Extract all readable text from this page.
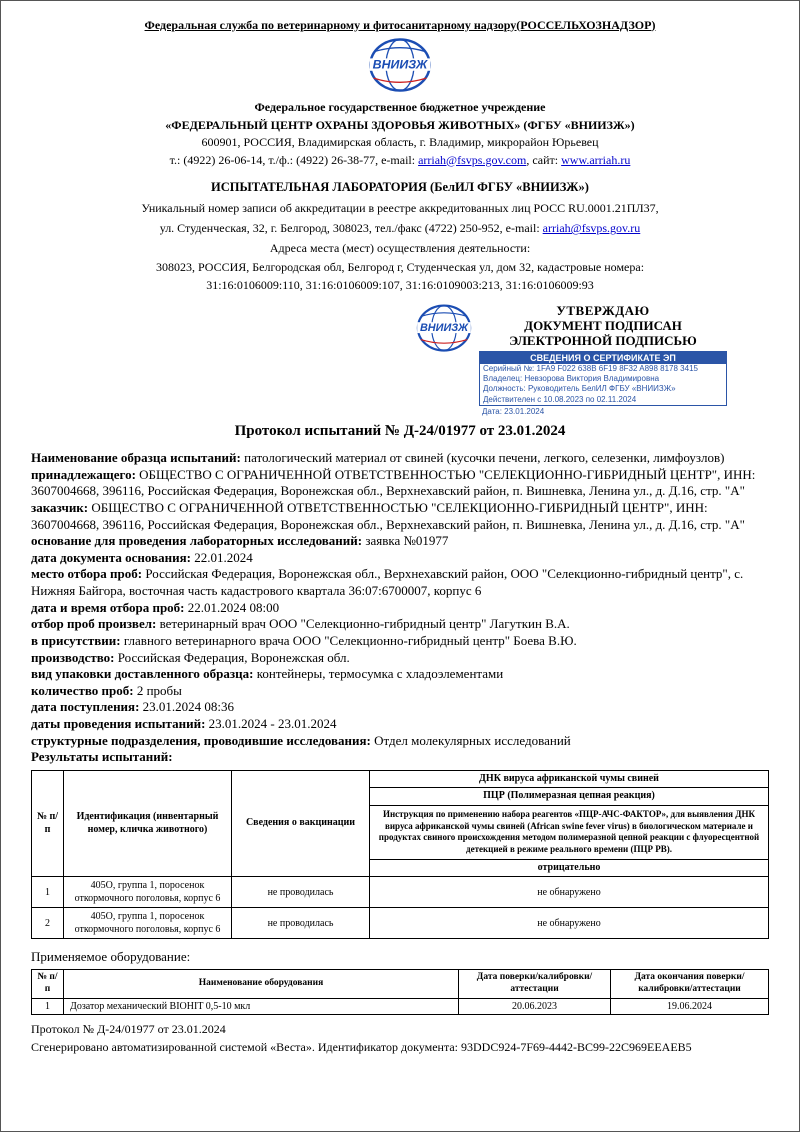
Федеральная служба по ветеринарному и фитосанитарному надзору(РОССЕЛЬХОЗНАДЗОР)
ВНИИЗЖ
Федеральное государственное бюджетное учреждение
«ФЕДЕРАЛЬНЫЙ ЦЕНТР ОХРАНЫ ЗДОРОВЬЯ ЖИВОТНЫХ» (ФГБУ «ВНИИЗЖ»)
600901, РОССИЯ, Владимирская область, г. Владимир, микрорайон Юрьевец
т.: (4922) 26-06-14, т./ф.: (4922) 26-38-77, e-mail: arriah@fsvps.gov.com, сайт: www.arriah.ru
ИСПЫТАТЕЛЬНАЯ ЛАБОРАТОРИЯ (БелИЛ ФГБУ «ВНИИЗЖ»)
Уникальный номер записи об аккредитации в реестре аккредитованных лиц РОСС RU.0001.21ПЛ37,
ул. Студенческая, 32, г. Белгород, 308023, тел./факс (4722) 250-952, e-mail: arriah@fsvps.gov.ru
Адреса места (мест) осуществления деятельности:
308023, РОССИЯ, Белгородская обл, Белгород г, Студенческая ул, дом 32, кадастровые номера:
31:16:0106009:110, 31:16:0106009:107, 31:16:0109003:213, 31:16:0106009:93
ВНИИЗЖ
УТВЕРЖДАЮ
ДОКУМЕНТ ПОДПИСАН
ЭЛЕКТРОННОЙ ПОДПИСЬЮ
СВЕДЕНИЯ О СЕРТИФИКАТЕ ЭП
Серийный №: 1FA9 F022 638B 6F19 8F32 A898 8178 3415
Владелец: Невзорова Виктория Владимировна
Должность: Руководитель БелИЛ ФГБУ «ВНИИЗЖ»
Действителен с 10.08.2023 по 02.11.2024
Дата: 23.01.2024
Протокол испытаний № Д-24/01977 от 23.01.2024

Наименование образца испытаний: патологический материал от свиней (кусочки печени, легкого, селезенки, лимфоузлов)

принадлежащего: ОБЩЕСТВО С ОГРАНИЧЕННОЙ ОТВЕТСТВЕННОСТЬЮ "СЕЛЕКЦИОННО-ГИБРИДНЫЙ ЦЕНТР", ИНН: 3607004668, 396116, Российская Федерация, Воронежская обл., Верхнехавский район, п. Вишневка, Ленина ул., д. Д.16, стр. "А"

заказчик: ОБЩЕСТВО С ОГРАНИЧЕННОЙ ОТВЕТСТВЕННОСТЬЮ "СЕЛЕКЦИОННО-ГИБРИДНЫЙ ЦЕНТР", ИНН: 3607004668, 396116, Российская Федерация, Воронежская обл., Верхнехавский район, п. Вишневка, Ленина ул., д. Д.16, стр. "А"

основание для проведения лабораторных исследований: заявка №01977

дата документа основания: 22.01.2024

место отбора проб: Российская Федерация, Воронежская обл., Верхнехавский район, ООО "Селекционно-гибридный центр", с. Нижняя Байгора, восточная часть кадастрового квартала 36:07:6700007, корпус 6

дата и время отбора проб: 22.01.2024 08:00

отбор проб произвел: ветеринарный врач ООО "Селекционно-гибридный центр" Лагуткин В.А.

в присутствии: главного ветеринарного врача ООО "Селекционно-гибридный центр" Боева В.Ю.

производство: Российская Федерация, Воронежская обл.

вид упаковки доставленного образца: контейнеры, термосумка с хладоэлементами

количество проб: 2 пробы

дата поступления: 23.01.2024 08:36

даты проведения испытаний: 23.01.2024 - 23.01.2024

структурные подразделения, проводившие исследования: Отдел молекулярных исследований

Результаты испытаний:

№ п/п	Идентификация (инвентарный номер, кличка животного)	Сведения о вакцинации	ДНК вируса африканской чумы свиней
			ПЦР (Полимеразная цепная реакция)
			Инструкция по применению набора реагентов «ПЦР-АЧС-ФАКТОР», для выявления ДНК вируса африканской чумы свиней (African swine fever virus) в биологическом материале и продуктах свиного происхождения методом полимеразной цепной реакции с флуоресцентной детекцией в режиме реального времени (ПЦР РВ).
			отрицательно
1	405О, группа 1, поросенок откормочного поголовья, корпус 6	не проводилась	не обнаружено
2	405О, группа 1, поросенок откормочного поголовья, корпус 6	не проводилась	не обнаружено
Применяемое оборудование:
№ п/п	Наименование оборудования	Дата поверки/калибровки/аттестации	Дата окончания поверки/калибровки/аттестации
1	Дозатор механический BIOHIT 0,5-10 мкл	20.06.2023	19.06.2024
Протокол № Д-24/01977 от 23.01.2024
Сгенерировано автоматизированной системой «Веста». Идентификатор документа: 93DDC924-7F69-4442-BC99-22C969EEAEB5
